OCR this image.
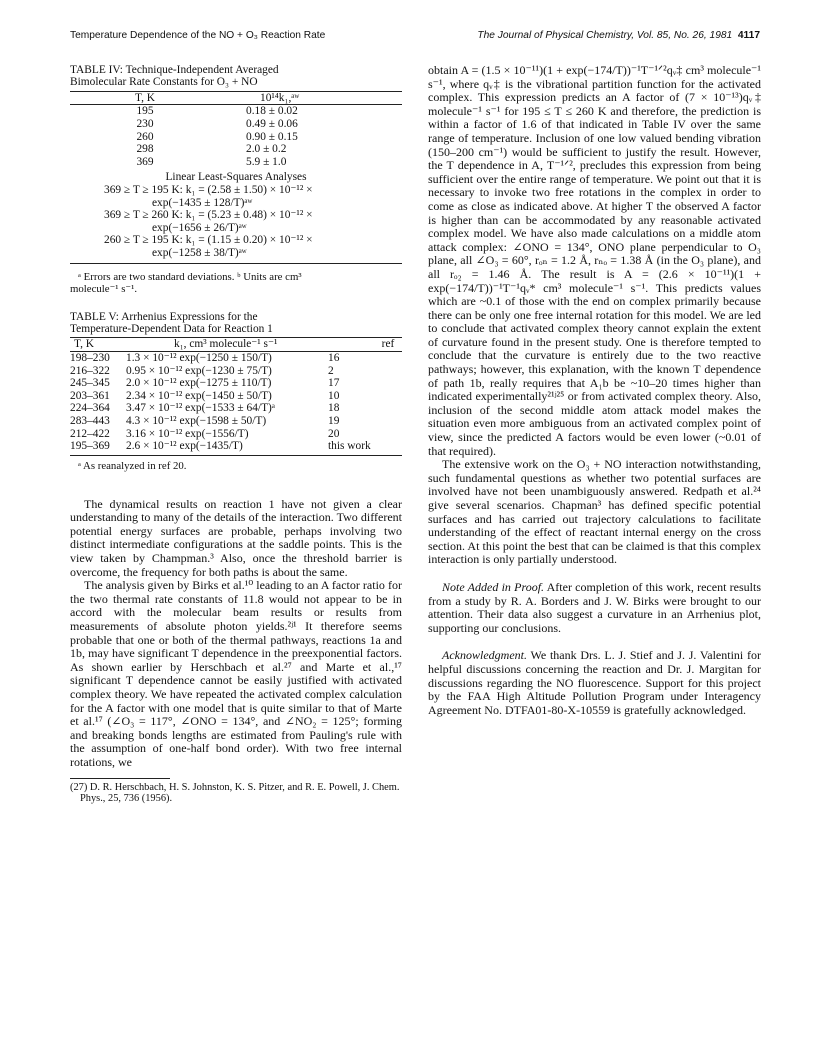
Temperature Dependence of the NO + O₃ Reaction Rate	The Journal of Physical Chemistry, Vol. 85, No. 26, 1981 4117

TABLE IV: Technique-Independent Averaged

Bimolecular Rate Constants for O₃ + NO

T, K	10¹⁴k₁,ᵃʷ
195	0.18 ± 0.02
230	0.49 ± 0.06
260	0.90 ± 0.15
298	2.0 ± 0.2
369	5.9 ± 1.0
Linear Least-Squares Analyses
369 ≥ T ≥ 195 K: k₁ = (2.58 ± 1.50) × 10⁻¹² ×
exp(−1435 ± 128/T)ᵃʷ
369 ≥ T ≥ 260 K: k₁ = (5.23 ± 0.48) × 10⁻¹² ×
exp(−1656 ± 26/T)ᵃʷ
260 ≥ T ≥ 195 K: k₁ = (1.15 ± 0.20) × 10⁻¹² ×
exp(−1258 ± 38/T)ᵃʷ

ᵃ Errors are two standard deviations. ᵇ Units are cm³

molecule⁻¹ s⁻¹.

TABLE V: Arrhenius Expressions for the

Temperature-Dependent Data for Reaction 1

T, K	k₁, cm³ molecule⁻¹ s⁻¹	ref
198–230	1.3 × 10⁻¹² exp(−1250 ± 150/T)	16
216–322	0.95 × 10⁻¹² exp(−1230 ± 75/T)	2
245–345	2.0 × 10⁻¹² exp(−1275 ± 110/T)	17
203–361	2.34 × 10⁻¹² exp(−1450 ± 50/T)	10
224–364	3.47 × 10⁻¹² exp(−1533 ± 64/T)ᵃ	18
283–443	4.3 × 10⁻¹² exp(−1598 ± 50/T)	19
212–422	3.16 × 10⁻¹² exp(−1556/T)	20
195–369	2.6 × 10⁻¹² exp(−1435/T)	this work

ᵃ As reanalyzed in ref 20.

The dynamical results on reaction 1 have not given a clear understanding to many of the details of the interaction. Two different potential energy surfaces are probable, perhaps involving two distinct intermediate configurations at the saddle points. This is the view taken by Champman.³ Also, once the threshold barrier is overcome, the frequency for both paths is about the same.

The analysis given by Birks et al.¹⁰ leading to an A factor ratio for the two thermal rate constants of 11.8 would not appear to be in accord with the molecular beam results or results from measurements of absolute photon yields.²ʲ¹ It therefore seems probable that one or both of the thermal pathways, reactions 1a and 1b, may have significant T dependence in the preexponential factors. As shown earlier by Herschbach et al.²⁷ and Marte et al.,¹⁷ significant T dependence cannot be easily justified with activated complex theory. We have repeated the activated complex calculation for the A factor with one model that is quite similar to that of Marte et al.¹⁷ (∠O₃ = 117°, ∠ONO = 134°, and ∠NO₂ = 125°; forming and breaking bonds lengths are estimated from Pauling's rule with the assumption of one-half bond order). With two free internal rotations, we

(27) D. R. Herschbach, H. S. Johnston, K. S. Pitzer, and R. E. Powell, J. Chem. Phys., 25, 736 (1956).

obtain A = (1.5 × 10⁻¹¹)(1 + exp(−174/T))⁻¹T⁻¹ᐟ²qᵥ‡ cm³ molecule⁻¹ s⁻¹, where qᵥ‡ is the vibrational partition function for the activated complex. This expression predicts an A factor of (7 × 10⁻¹³)qᵥ‡ molecule⁻¹ s⁻¹ for 195 ≤ T ≤ 260 K and therefore, the prediction is within a factor of 1.6 of that indicated in Table IV over the same range of temperature. Inclusion of one low valued bending vibration (150–200 cm⁻¹) would be sufficient to justify the result. However, the T dependence in A, T⁻¹ᐟ², precludes this expression from being sufficient over the entire range of temperature. We point out that it is necessary to invoke two free rotations in the complex in order to come as close as indicated above. At higher T the observed A factor is higher than can be accommodated by any reasonable activated complex model. We have also made calculations on a middle atom attack complex: ∠ONO = 134°, ONO plane perpendicular to O₃ plane, all ∠O₃ = 60°, rₒₙ = 1.2 Å, rₙₒ = 1.38 Å (in the O₃ plane), and all rₒ₂ = 1.46 Å. The result is A = (2.6 × 10⁻¹¹)(1 + exp(−174/T))⁻¹T⁻¹qᵥ* cm³ molecule⁻¹ s⁻¹. This predicts values which are ~0.1 of those with the end on complex primarily because there can be only one free internal rotation for this model. We are led to conclude that activated complex theory cannot explain the extent of curvature found in the present study. One is therefore tempted to conclude that the curvature is entirely due to the two reactive pathways; however, this explanation, with the known T dependence of path 1b, really requires that A₁b be ~10–20 times higher than indicated experimentally²¹ʲ²⁵ or from activated complex theory. Also, inclusion of the second middle atom attack model makes the situation even more ambiguous from an activated complex point of view, since the predicted A factors would be even lower (~0.01 of that required).

The extensive work on the O₃ + NO interaction notwithstanding, such fundamental questions as whether two potential surfaces are involved have not been unambiguously answered. Redpath et al.²⁴ give several scenarios. Chapman³ has defined specific potential surfaces and has carried out trajectory calculations to facilitate understanding of the effect of reactant internal energy on the cross section. At this point the best that can be claimed is that this complex interaction is only partially understood.

Note Added in Proof. After completion of this work, recent results from a study by R. A. Borders and J. W. Birks were brought to our attention. Their data also suggest a curvature in an Arrhenius plot, supporting our conclusions.

Acknowledgment. We thank Drs. L. J. Stief and J. J. Valentini for helpful discussions concerning the reaction and Dr. J. Margitan for discussions regarding the NO fluorescence. Support for this project by the FAA High Altitude Pollution Program under Interagency Agreement No. DTFA01-80-X-10559 is gratefully acknowledged.
